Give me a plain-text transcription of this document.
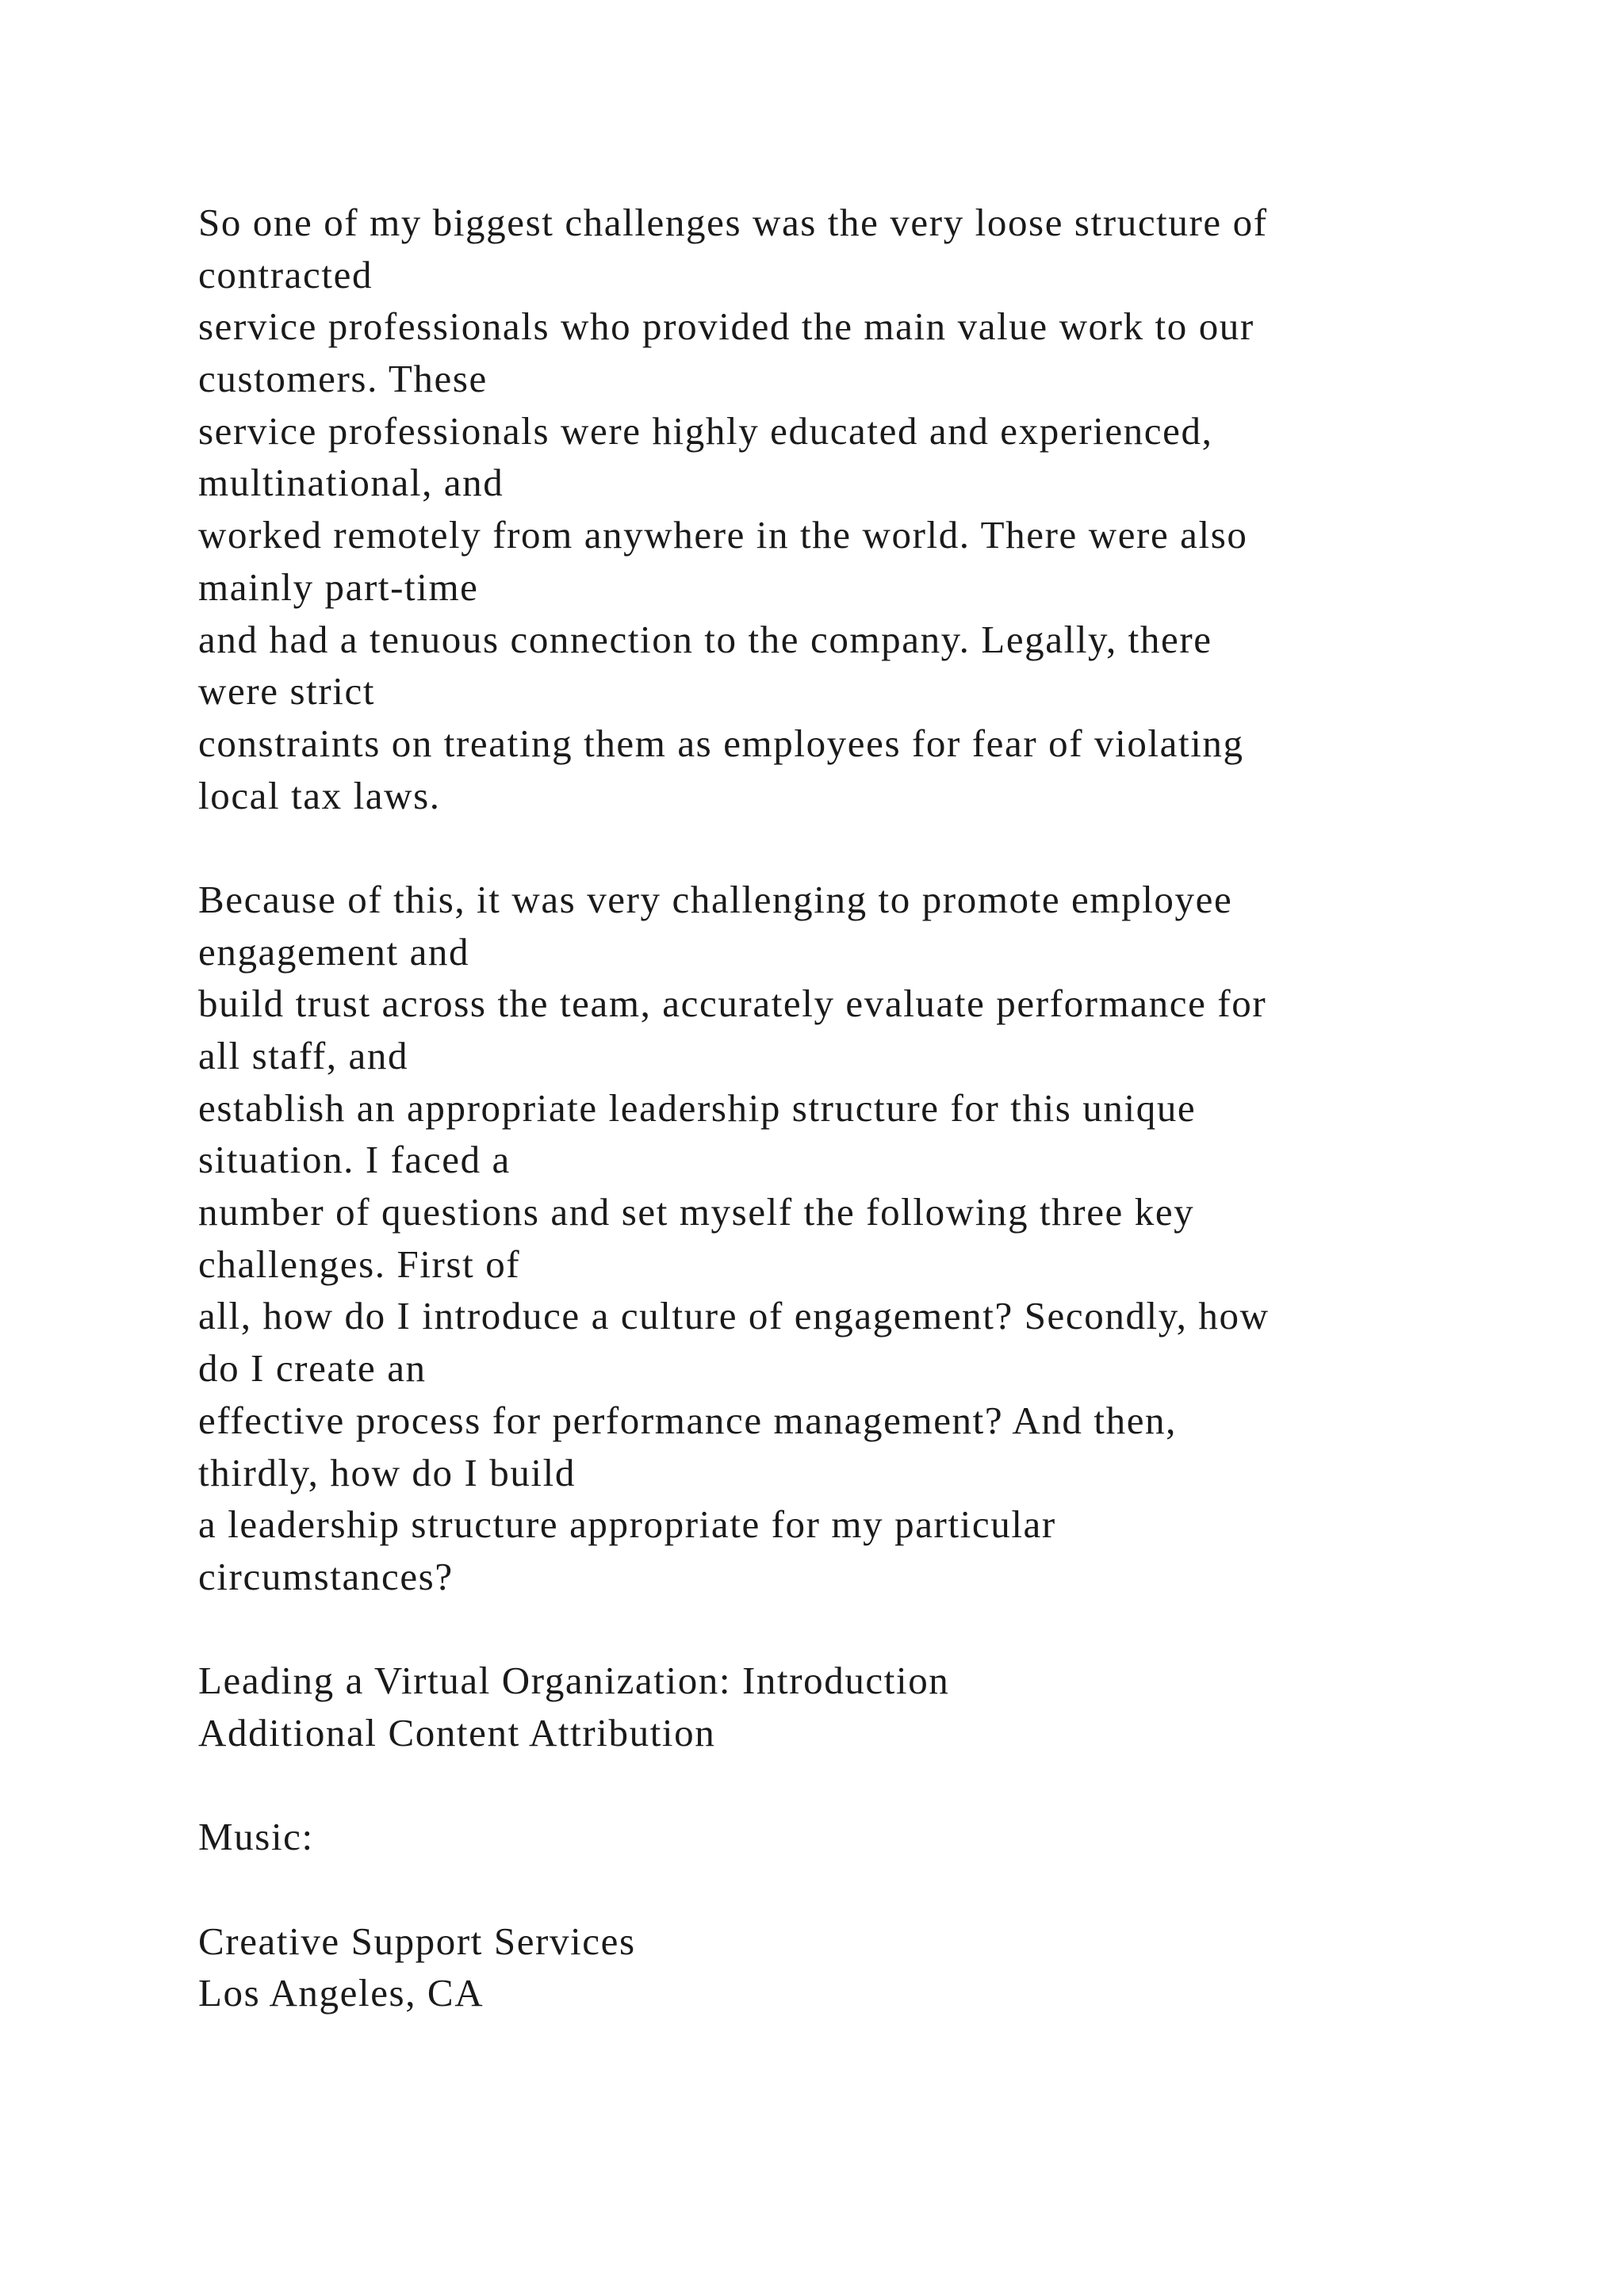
So one of my biggest challenges was the very loose structure of
contracted
service professionals who provided the main value work to our
customers. These
service professionals were highly educated and experienced,
multinational, and
worked remotely from anywhere in the world. There were also
mainly part-time
and had a tenuous connection to the company. Legally, there
were strict
constraints on treating them as employees for fear of violating
local tax laws.
Because of this, it was very challenging to promote employee
engagement and
build trust across the team, accurately evaluate performance for
all staff, and
establish an appropriate leadership structure for this unique
situation. I faced a
number of questions and set myself the following three key
challenges. First of
all, how do I introduce a culture of engagement? Secondly, how
do I create an
effective process for performance management? And then,
thirdly, how do I build
a leadership structure appropriate for my particular
circumstances?
Leading a Virtual Organization: Introduction
Additional Content Attribution
Music:
Creative Support Services
Los Angeles, CA
